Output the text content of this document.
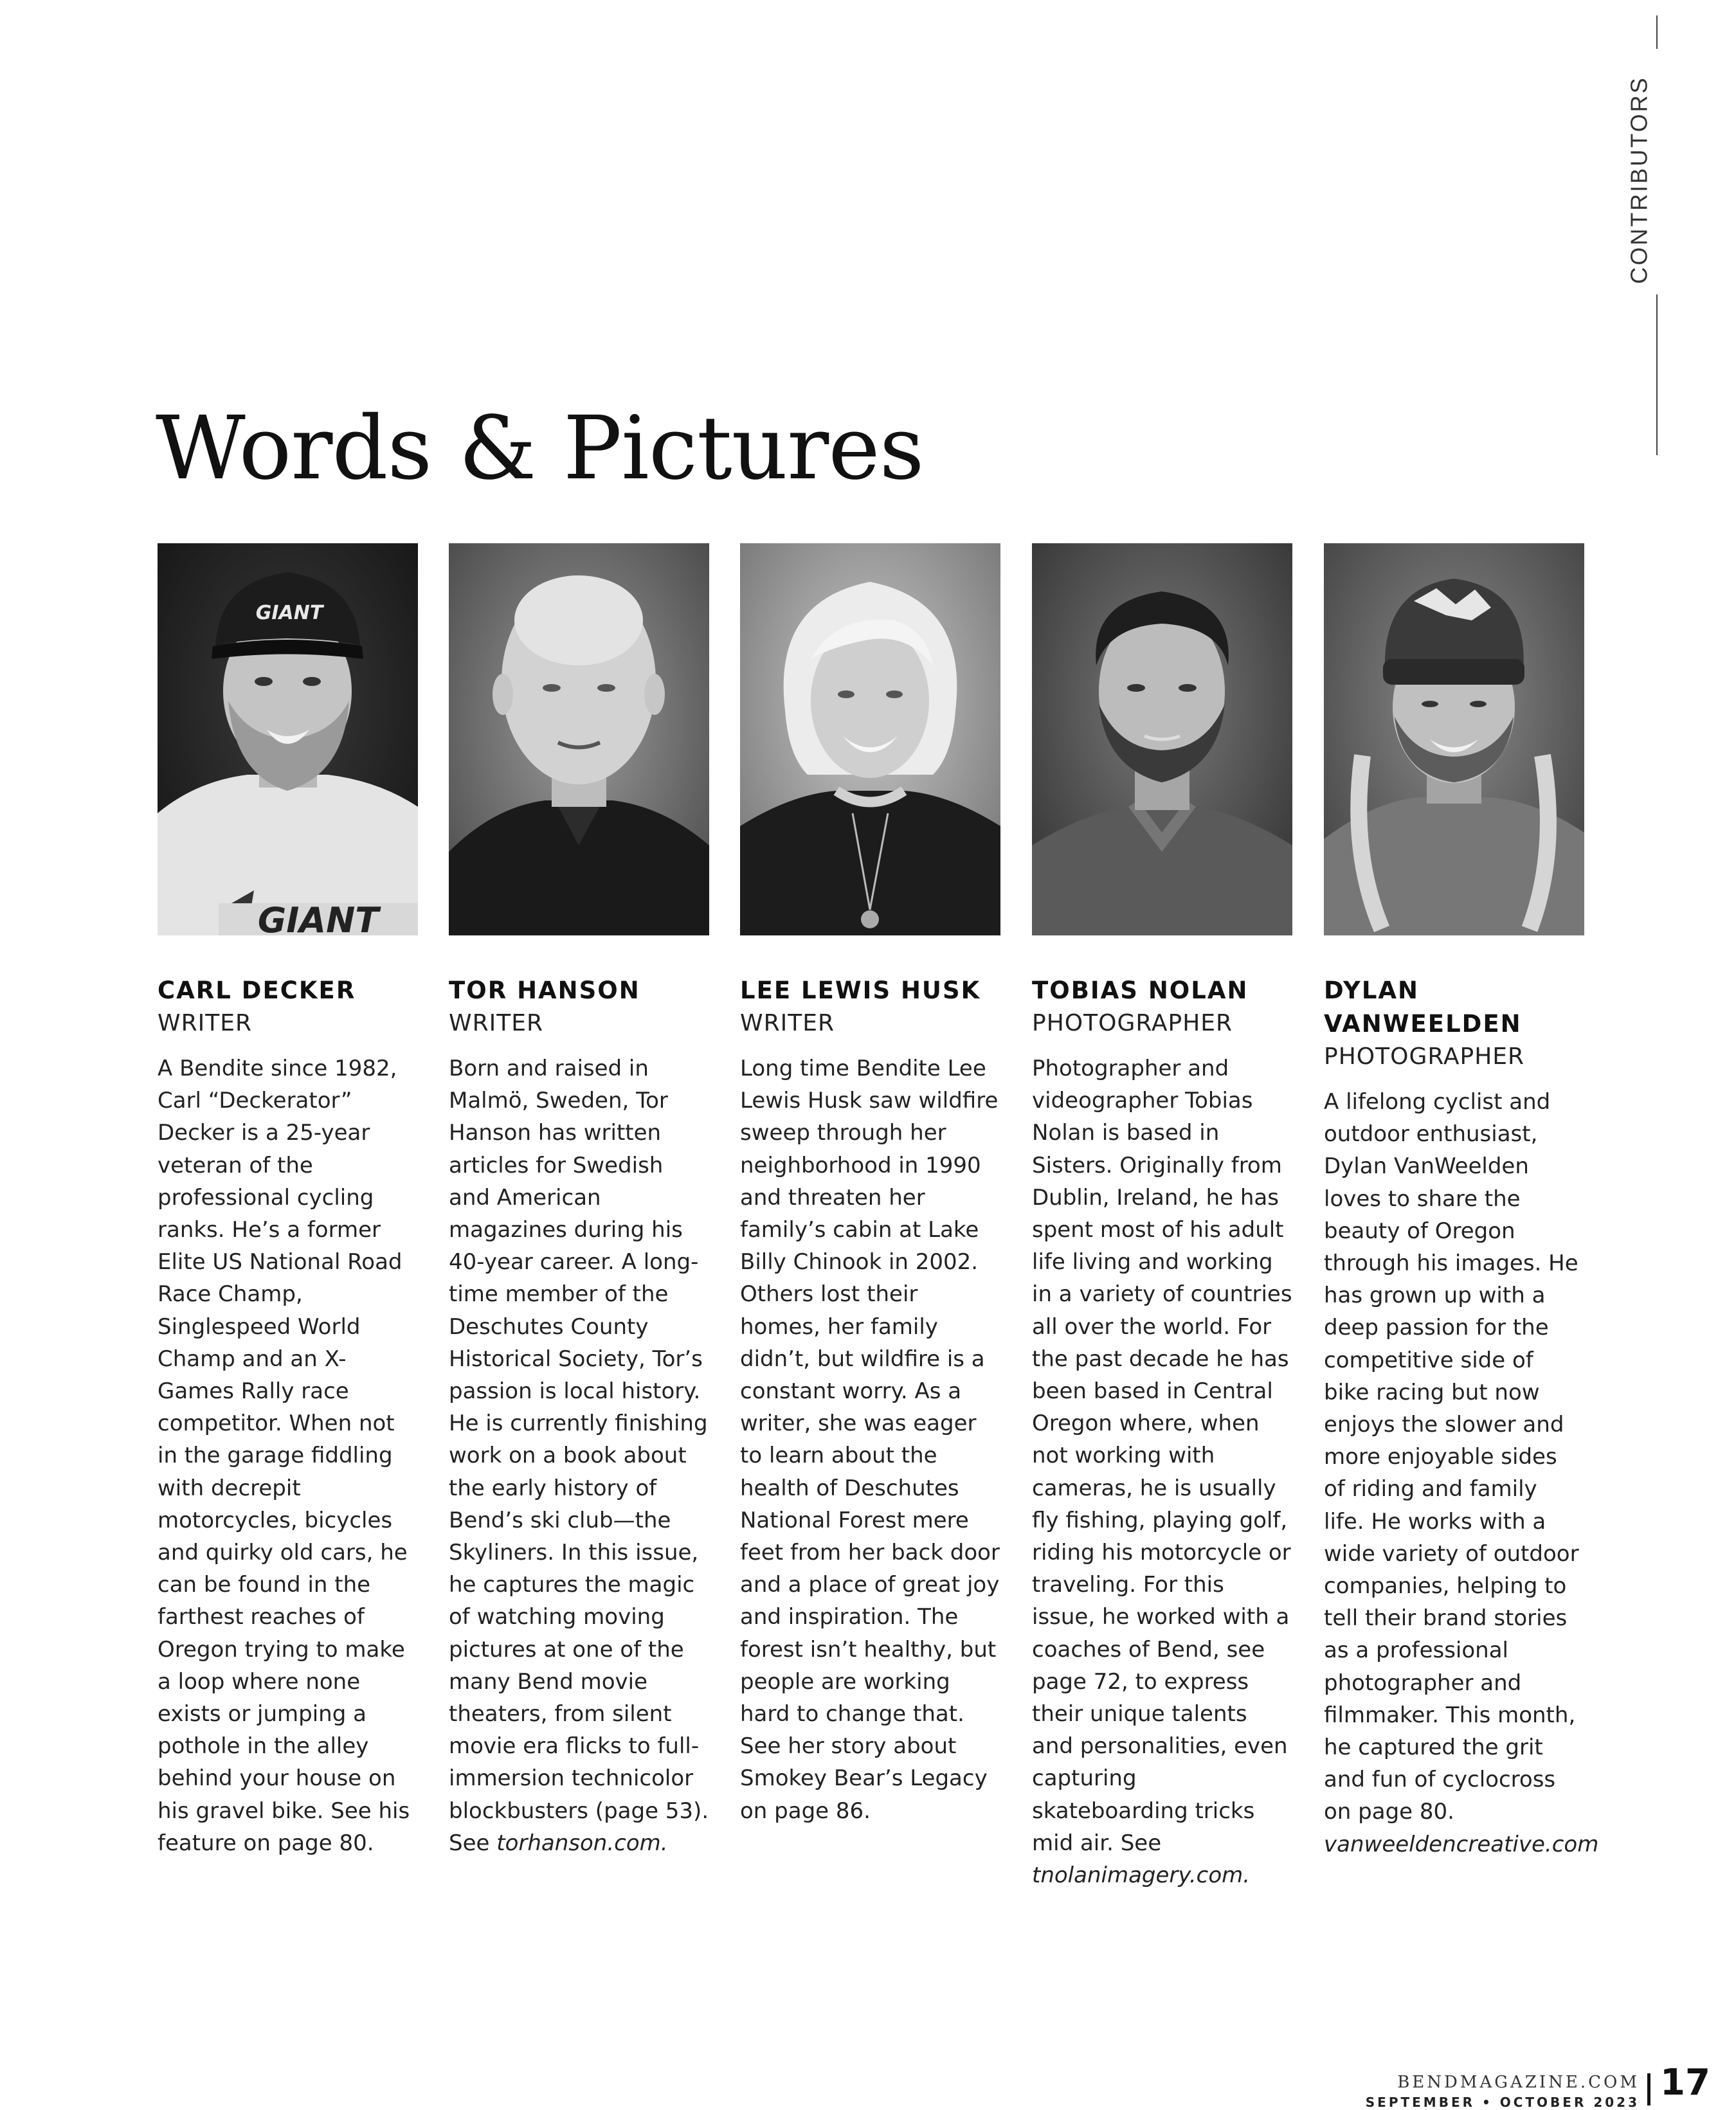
CONTRIBUTORS
Words & Pictures
GIANT
GIANT
CARL DECKER
WRITER
A Bendite since 1982, Carl “Deckerator” Decker is a 25-year veteran of the professional cycling ranks. He’s a former Elite US National Road Race Champ, Singlespeed World Champ and an X-Games Rally race competitor. When not in the garage fiddling with decrepit motorcycles, bicycles and quirky old cars, he can be found in the farthest reaches of Oregon trying to make a loop where none exists or jumping a pothole in the alley behind your house on his gravel bike. See his feature on page 80.
TOR HANSON
WRITER
Born and raised in Malmö, Sweden, Tor Hanson has written articles for Swedish and American magazines during his 40-year career. A long-time member of the Deschutes County Historical Society, Tor’s passion is local history. He is currently finishing work on a book about the early history of Bend’s ski club—the Skyliners. In this issue, he captures the magic of watching moving pictures at one of the many Bend movie theaters, from silent movie era flicks to full-immersion technicolor blockbusters (page 53). See torhanson.com.
LEE LEWIS HUSK
WRITER
Long time Bendite Lee Lewis Husk saw wildfire sweep through her neighborhood in 1990 and threaten her family’s cabin at Lake Billy Chinook in 2002. Others lost their homes, her family didn’t, but wildfire is a constant worry. As a writer, she was eager to learn about the health of Deschutes National Forest mere feet from her back door and a place of great joy and inspiration. The forest isn’t healthy, but people are working hard to change that. See her story about Smokey Bear’s Legacy on page 86.
TOBIAS NOLAN
PHOTOGRAPHER
Photographer and videographer Tobias Nolan is based in Sisters. Originally from Dublin, Ireland, he has spent most of his adult life living and working in a variety of countries all over the world. For the past decade he has been based in Central Oregon where, when not working with cameras, he is usually fly fishing, playing golf, riding his motorcycle or traveling. For this issue, he worked with a coaches of Bend, see page 72, to express their unique talents and personalities, even capturing skateboarding tricks mid air. See tnolanimagery.com.
DYLAN VANWEELDEN
PHOTOGRAPHER
A lifelong cyclist and outdoor enthusiast, Dylan VanWeelden loves to share the beauty of Oregon through his images. He has grown up with a deep passion for the competitive side of bike racing but now enjoys the slower and more enjoyable sides of riding and family life. He works with a wide variety of outdoor companies, helping to tell their brand stories as a professional photographer and filmmaker. This month, he captured the grit and fun of cyclocross on page 80. vanweeldencreative.com
BENDMAGAZINE.COM
SEPTEMBER • OCTOBER 2023 17
